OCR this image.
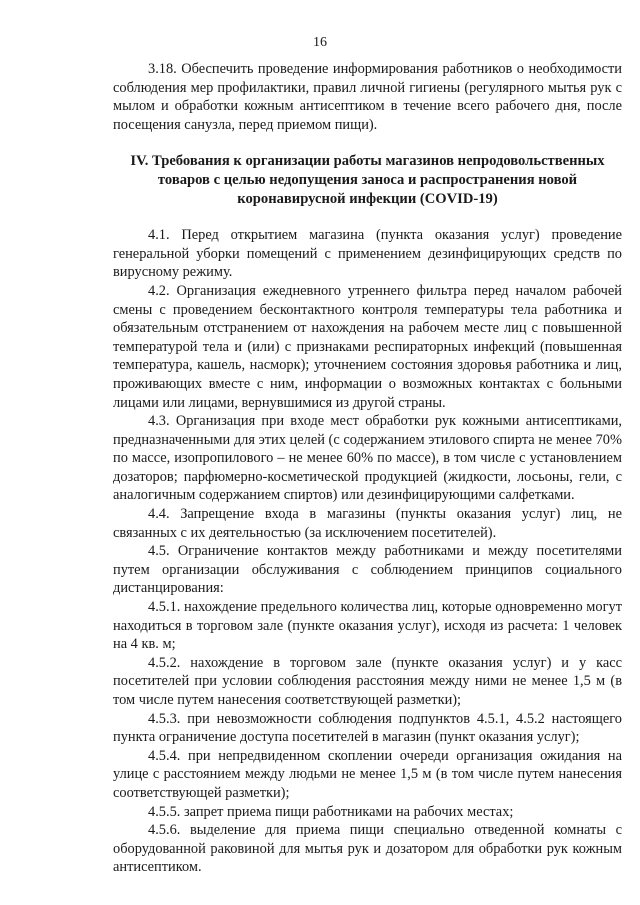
16

3.18. Обеспечить проведение информирования работников о необходимости соблюдения мер профилактики, правил личной гигиены (регулярного мытья рук с мылом и обработки кожным антисептиком в течение всего рабочего дня, после посещения санузла, перед приемом пищи).

IV. Требования к организации работы магазинов непродовольственных товаров с целью недопущения заноса и распространения новой коронавирусной инфекции (COVID-19)

4.1. Перед открытием магазина (пункта оказания услуг) проведение генеральной уборки помещений с применением дезинфицирующих средств по вирусному режиму.

4.2. Организация ежедневного утреннего фильтра перед началом рабочей смены с проведением бесконтактного контроля температуры тела работника и обязательным отстранением от нахождения на рабочем месте лиц с повышенной температурой тела и (или) с признаками респираторных инфекций (повышенная температура, кашель, насморк); уточнением состояния здоровья работника и лиц, проживающих вместе с ним, информации о возможных контактах с больными лицами или лицами, вернувшимися из другой страны.

4.3. Организация при входе мест обработки рук кожными антисептиками, предназначенными для этих целей (с содержанием этилового спирта не менее 70% по массе, изопропилового – не менее 60% по массе), в том числе с установлением дозаторов; парфюмерно-косметической продукцией (жидкости, лосьоны, гели, с аналогичным содержанием спиртов) или дезинфицирующими салфетками.

4.4. Запрещение входа в магазины (пункты оказания услуг) лиц, не связанных с их деятельностью (за исключением посетителей).

4.5. Ограничение контактов между работниками и между посетителями путем организации обслуживания с соблюдением принципов социального дистанцирования:

4.5.1. нахождение предельного количества лиц, которые одновременно могут находиться в торговом зале (пункте оказания услуг), исходя из расчета: 1 человек на 4 кв. м;

4.5.2. нахождение в торговом зале (пункте оказания услуг) и у касс посетителей при условии соблюдения расстояния между ними не менее 1,5 м (в том числе путем нанесения соответствующей разметки);

4.5.3. при невозможности соблюдения подпунктов 4.5.1, 4.5.2 настоящего пункта ограничение доступа посетителей в магазин (пункт оказания услуг);

4.5.4. при непредвиденном скоплении очереди организация ожидания на улице с расстоянием между людьми не менее 1,5 м (в том числе путем нанесения соответствующей разметки);

4.5.5. запрет приема пищи работниками на рабочих местах;

4.5.6. выделение для приема пищи специально отведенной комнаты с оборудованной раковиной для мытья рук и дозатором для обработки рук кожным антисептиком.
